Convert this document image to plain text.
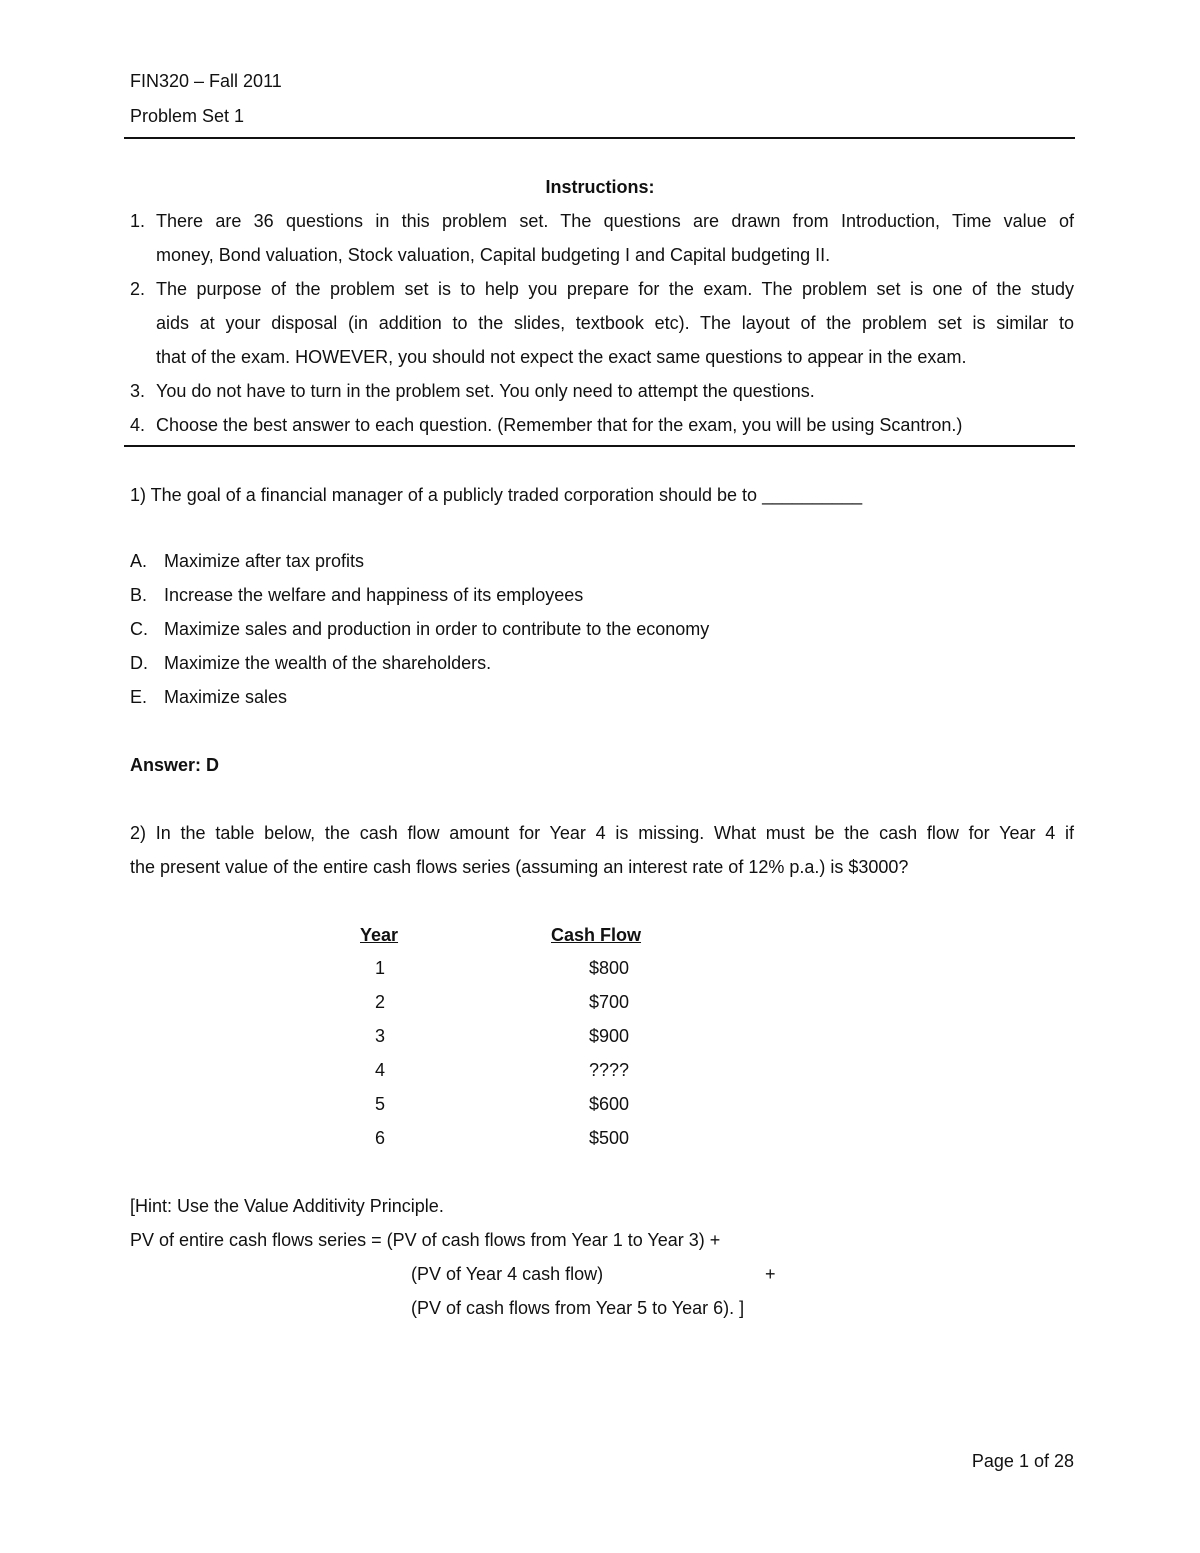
FIN320 – Fall 2011
Problem Set 1
Instructions:
1. There are 36 questions in this problem set. The questions are drawn from Introduction, Time value of
money, Bond valuation, Stock valuation, Capital budgeting I and Capital budgeting II.
2. The purpose of the problem set is to help you prepare for the exam. The problem set is one of the study
aids at your disposal (in addition to the slides, textbook etc). The layout of the problem set is similar to
that of the exam. HOWEVER, you should not expect the exact same questions to appear in the exam.
3. You do not have to turn in the problem set. You only need to attempt the questions.
4. Choose the best answer to each question. (Remember that for the exam, you will be using Scantron.)
1) The goal of a financial manager of a publicly traded corporation should be to __________
A. Maximize after tax profits
B. Increase the welfare and happiness of its employees
C. Maximize sales and production in order to contribute to the economy
D. Maximize the wealth of the shareholders.
E. Maximize sales
Answer: D
2) In the table below, the cash flow amount for Year 4 is missing. What must be the cash flow for Year 4 if
the present value of the entire cash flows series (assuming an interest rate of 12% p.a.) is $3000?
Year	Cash Flow
1	$800
2	$700
3	$900
4	????
5	$600
6	$500
[Hint: Use the Value Additivity Principle.
PV of entire cash flows series = (PV of cash flows from Year 1 to Year 3) +
(PV of Year 4 cash flow)	+
(PV of cash flows from Year 5 to Year 6). ]
Page 1 of 28
